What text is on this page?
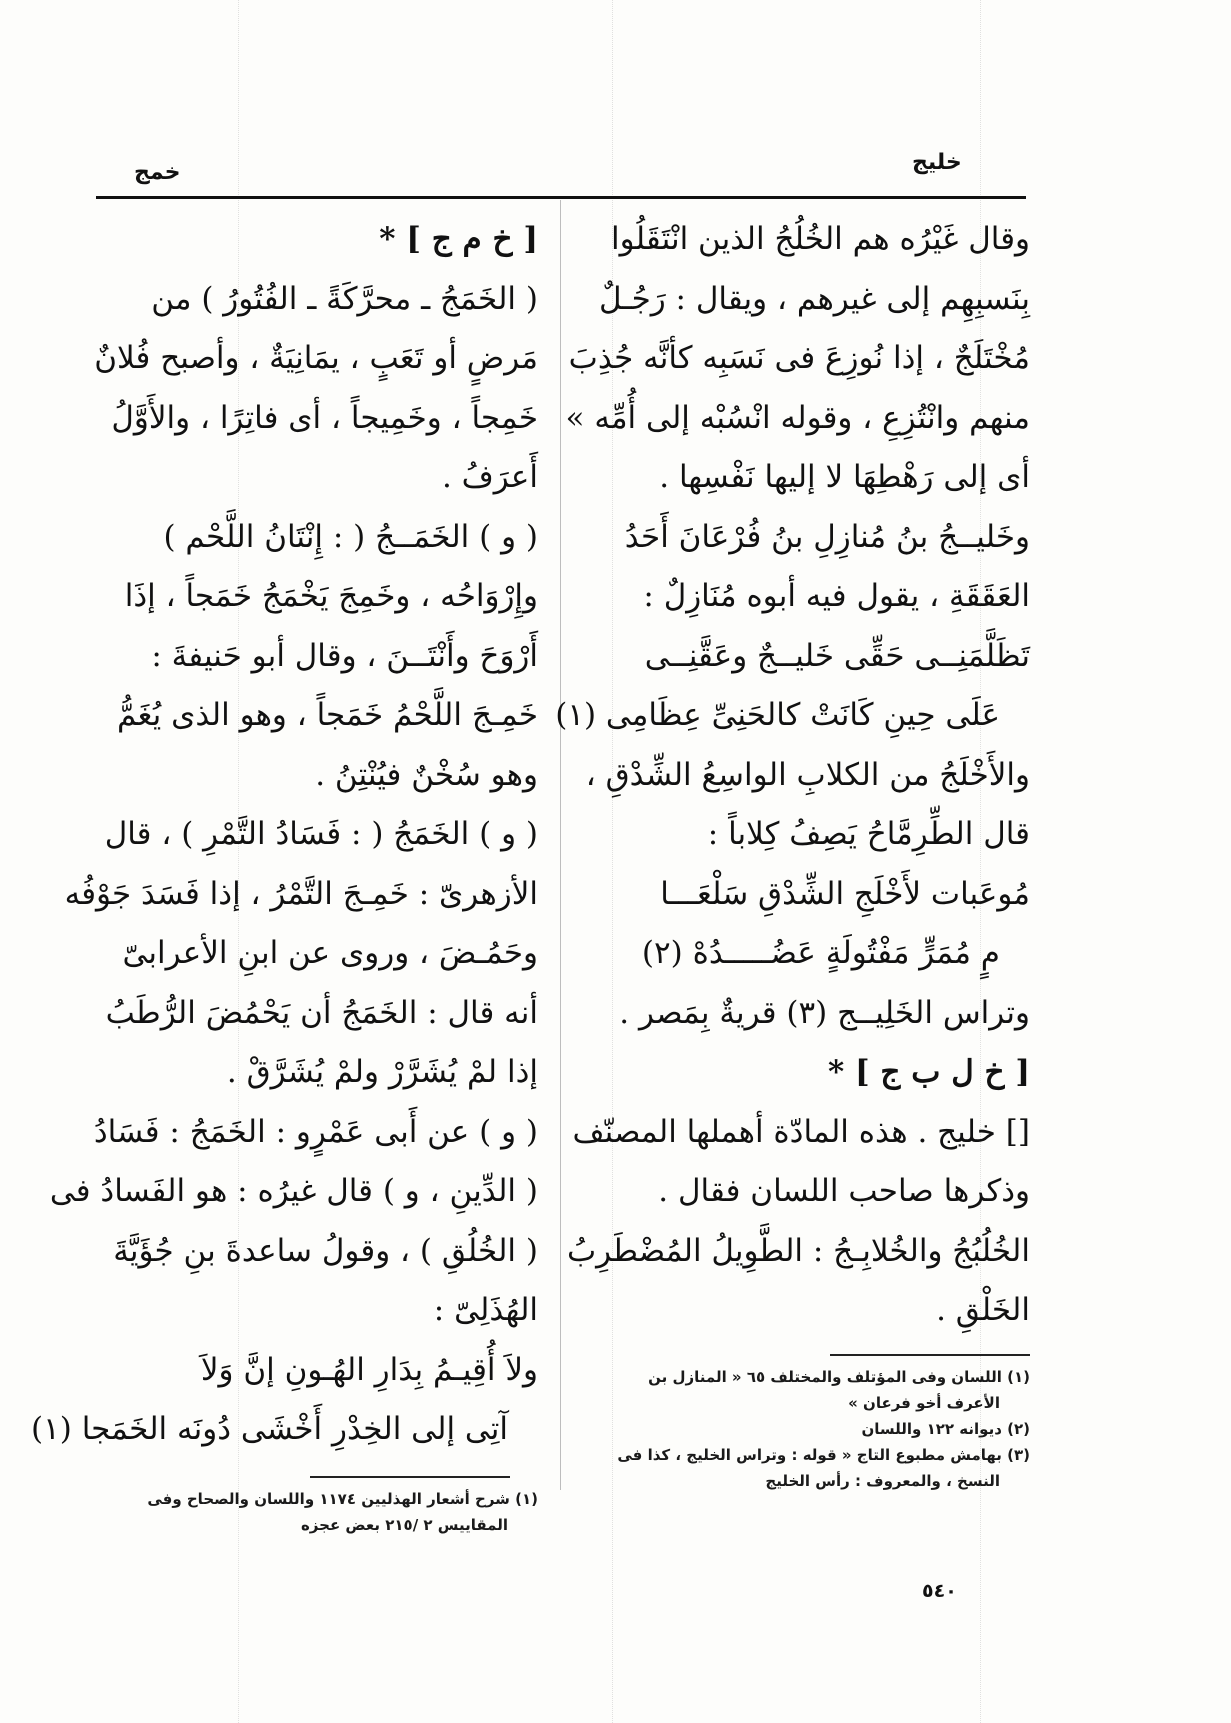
خليج
خمج
وقال غَيْرُه هم الخُلُجُ الذين انْتَقَلُوا
بِنَسبِهِم إلى غيرهم ، ويقال : رَجُـلٌ
مُخْتَلَجٌ ، إذا نُوزِعَ فى نَسَبِه كأنَّه جُذِبَ
منهم وانْتُزِعِ ، وقوله انْسُبْه إلى أُمِّه »
أى إلى رَهْطِهَا لا إليها نَفْسِها .
وخَليــجُ بنُ مُنازِلِ بنُ فُرْعَانَ أَحَدُ
العَقَقَةِ ، يقول فيه أبوه مُنَازِلٌ :
تَظَلَّمَنِــى حَقِّى خَليــجٌ وعَقَّنِــى
عَلَى حِينِ كَانَتْ كالحَنِىِّ عِظَامِى (١)
والأَخْلَجُ من الكلابِ الواسِعُ الشِّدْقِ ،
قال الطِّرِمَّاحُ يَصِفُ كِلاباً :
مُوعَبات لأَخْلَجِ الشِّدْقِ سَلْعَـــا
مٍ مُمَرٍّ مَفْتُولَةٍ عَضُـــــدُهْ (٢)
وتراس الخَلِيــج (٣) قريةٌ بِمَصر .
[ خ ل ب ج ] *
[] خليج . هذه المادّة أهملها المصنّف
وذكرها صاحب اللسان فقال .
الخُلُبُجُ والخُلابِـجُ : الطَّوِيلُ المُضْطَرِبُ
الخَلْقِ .
(١) اللسان وفى المؤتلف والمختلف ٦٥ « المنازل بن
الأعرف أخو فرعان »
(٢) ديوانه ١٢٢ واللسان
(٣) بهامش مطبوع التاج « قوله : وتراس الخليج ، كذا فى
النسخ ، والمعروف : رأس الخليج
[ خ م ج ] *
( الخَمَجُ ـ محرَّكَةً ـ الفُتُورُ ) من
مَرضٍ أو تَعَبٍ ، يمَانِيَةٌ ، وأصبح فُلانٌ
خَمِجاً ، وخَمِيجاً ، أى فاتِرًا ، والأَوَّلُ
أَعرَفُ .
( و ) الخَمَــجُ ( : إِنْتَانُ اللَّحْم )
وإِرْوَاحُه ، وخَمِجَ يَخْمَجُ خَمَجاً ، إذَا
أَرْوَحَ وأَنْتَــنَ ، وقال أبو حَنيفةَ :
خَمِـجَ اللَّحْمُ خَمَجاً ، وهو الذى يُغَمُّ
وهو سُخْنٌ فيُنْتِنُ .
( و ) الخَمَجُ ( : فَسَادُ التَّمْرِ ) ، قال
الأزهرىّ : خَمِـجَ التَّمْرُ ، إذا فَسَدَ جَوْفُه
وحَمُـضَ ، وروى عن ابنِ الأعرابىّ
أنه قال : الخَمَجُ أن يَحْمُضَ الرُّطَبُ
إذا لمْ يُشَرَّرْ ولمْ يُشَرَّقْ .
( و ) عن أَبى عَمْرٍو : الخَمَجُ : فَسَادُ
( الدِّينِ ، و ) قال غيرُه : هو الفَسادُ فى
( الخُلُقِ ) ، وقولُ ساعدةَ بنِ جُؤَيَّةَ
الهُذَلِىّ :
ولاَ أُقِيـمُ بِدَارِ الهُـونِ إنَّ وَلاَ
آتِى إلى الخِدْرِ أَخْشَى دُونَه الخَمَجا (١)
(١) شرح أشعار الهذليين ١١٧٤ واللسان والصحاح وفى
المقاييس ٢ /٢١٥ بعض عجزه
٥٤٠
